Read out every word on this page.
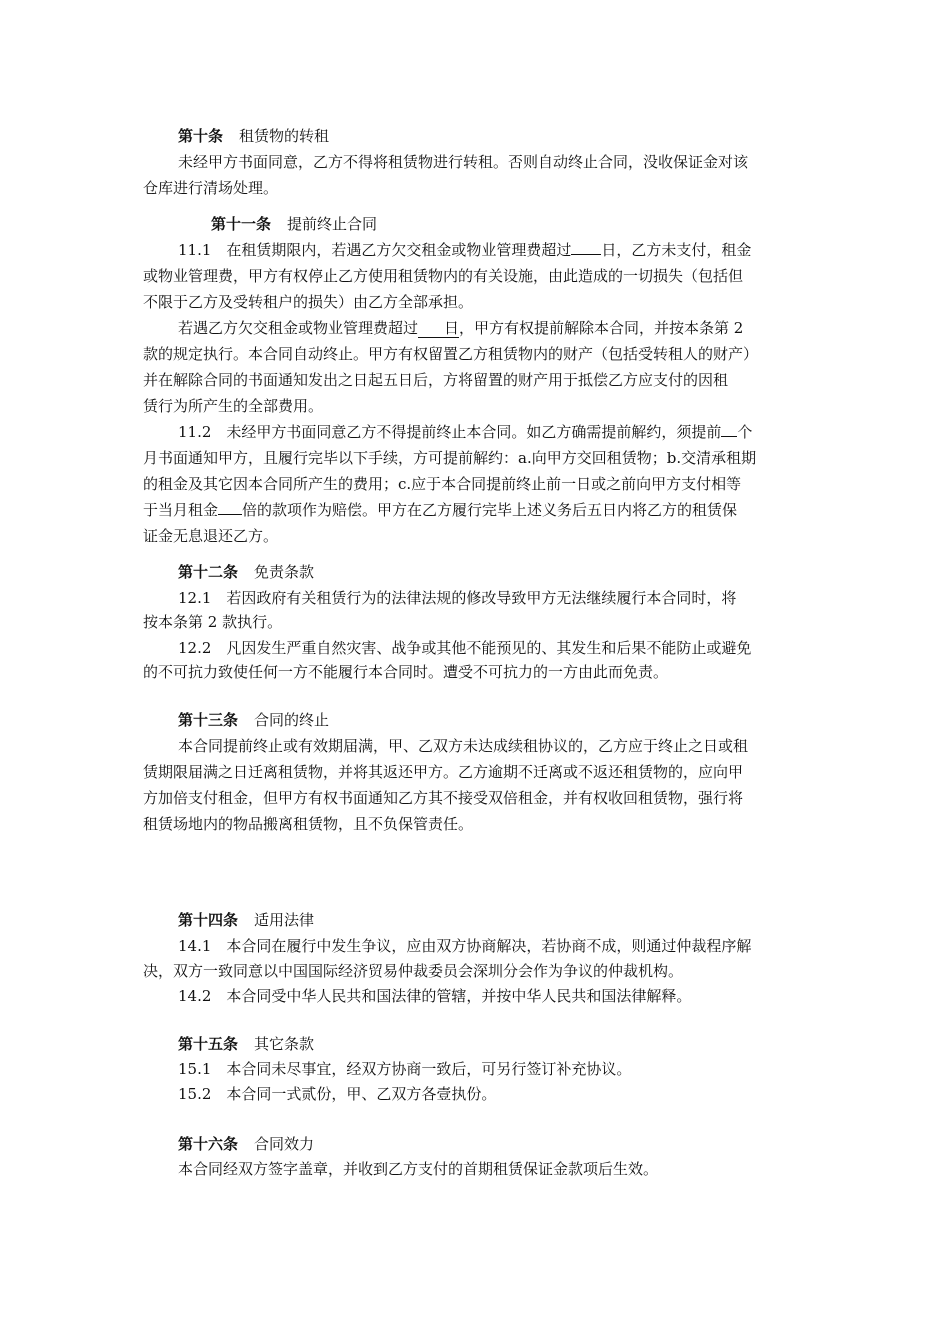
第十条 租赁物的转租
未经甲方书面同意，乙方不得将租赁物进行转租。否则自动终止合同，没收保证金对该
仓库进行清场处理。
第十一条 提前终止合同
11.1　在租赁期限内，若遇乙方欠交租金或物业管理费超过 日，乙方未支付，租金
或物业管理费，甲方有权停止乙方使用租赁物内的有关设施，由此造成的一切损失（包括但
不限于乙方及受转租户的损失）由乙方全部承担。
若遇乙方欠交租金或物业管理费超过 日，甲方有权提前解除本合同，并按本条第 2
款的规定执行。本合同自动终止。甲方有权留置乙方租赁物内的财产（包括受转租人的财产）
并在解除合同的书面通知发出之日起五日后，方将留置的财产用于抵偿乙方应支付的因租
赁行为所产生的全部费用。
11.2　未经甲方书面同意乙方不得提前终止本合同。如乙方确需提前解约，须提前 个
月书面通知甲方，且履行完毕以下手续，方可提前解约：a.向甲方交回租赁物；b.交清承租期
的租金及其它因本合同所产生的费用；c.应于本合同提前终止前一日或之前向甲方支付相等
于当月租金 倍的款项作为赔偿。甲方在乙方履行完毕上述义务后五日内将乙方的租赁保
证金无息退还乙方。
第十二条 免责条款
12.1　若因政府有关租赁行为的法律法规的修改导致甲方无法继续履行本合同时，将
按本条第 2 款执行。
12.2　凡因发生严重自然灾害、战争或其他不能预见的、其发生和后果不能防止或避免
的不可抗力致使任何一方不能履行本合同时。遭受不可抗力的一方由此而免责。
第十三条 合同的终止
本合同提前终止或有效期届满，甲、乙双方未达成续租协议的，乙方应于终止之日或租
赁期限届满之日迁离租赁物，并将其返还甲方。乙方逾期不迁离或不返还租赁物的，应向甲
方加倍支付租金，但甲方有权书面通知乙方其不接受双倍租金，并有权收回租赁物，强行将
租赁场地内的物品搬离租赁物，且不负保管责任。
第十四条 适用法律
14.1　本合同在履行中发生争议，应由双方协商解决，若协商不成，则通过仲裁程序解
决，双方一致同意以中国国际经济贸易仲裁委员会深圳分会作为争议的仲裁机构。
14.2　本合同受中华人民共和国法律的管辖，并按中华人民共和国法律解释。
第十五条 其它条款
15.1　本合同未尽事宜，经双方协商一致后，可另行签订补充协议。
15.2　本合同一式贰份，甲、乙双方各壹执份。
第十六条 合同效力
本合同经双方签字盖章，并收到乙方支付的首期租赁保证金款项后生效。
